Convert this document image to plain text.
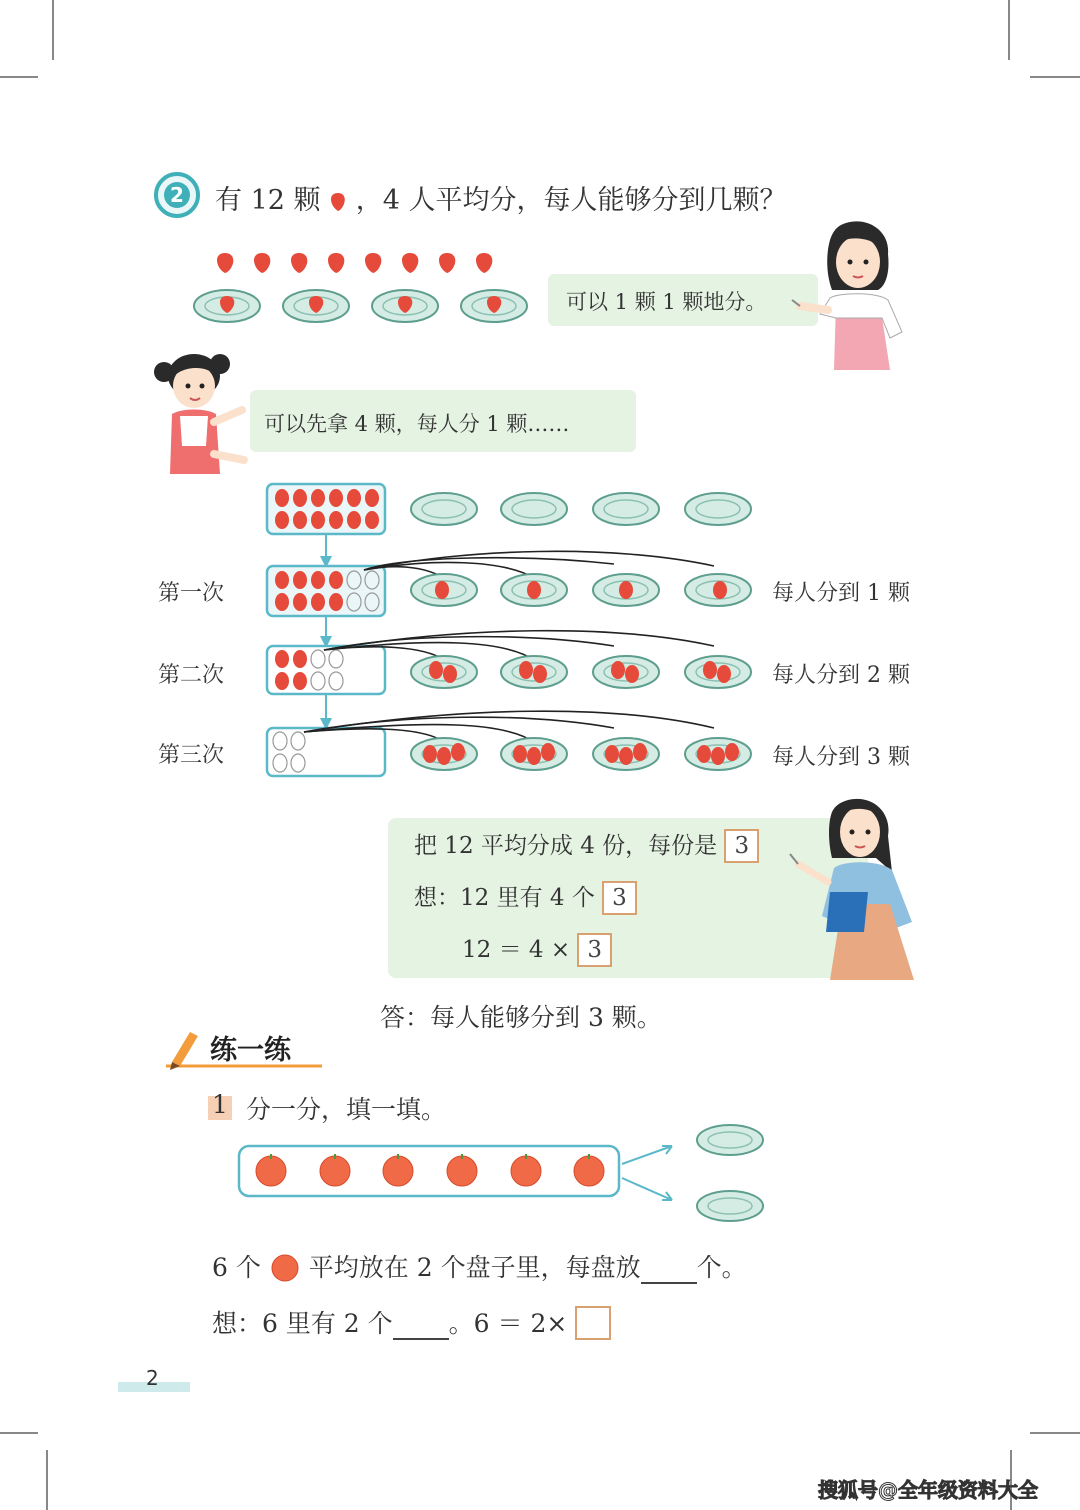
2 有 12 颗 ，4 人平均分，每人能够分到几颗？
可以 1 颗 1 颗地分。
可以先拿 4 颗，每人分 1 颗……
第一次
第二次
第三次
每人分到 1 颗
每人分到 2 颗
每人分到 3 颗
把 12 平均分成 4 份，每份是 3
想：12 里有 4 个 3
12 ＝ 4 × 3
答：每人能够分到 3 颗。
练一练
1 分一分，填一填。
6 个 平均放在 2 个盘子里，每盘放 个。
想：6 里有 2 个 。6 ＝ 2×
2
搜狐号@全年级资料大全
